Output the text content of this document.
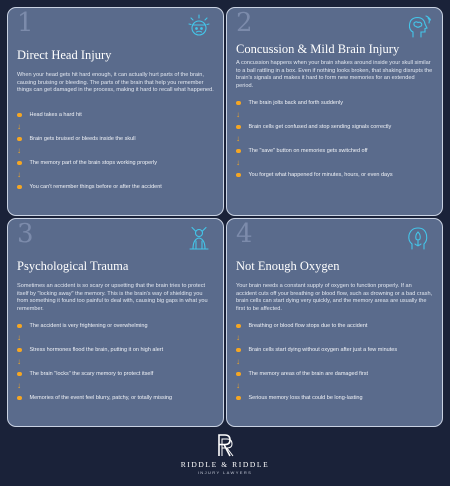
1
Direct Head Injury
When your head gets hit hard enough, it can actually hurt parts of the brain, causing bruising or bleeding. The parts of the brain that help you remember things can get damaged in the process, making it hard to recall what happened.
Head takes a hard hit
↓
Brain gets bruised or bleeds inside the skull
↓
The memory part of the brain stops working properly
↓
You can't remember things before or after the accident
2
Concussion & Mild Brain Injury
A concussion happens when your brain shakes around inside your skull similar to a ball rattling in a box. Even if nothing looks broken, that shaking disrupts the brain's signals and makes it hard to form new memories for an extended period.
The brain jolts back and forth suddenly
↓
Brain cells get confused and stop sending signals correctly
↓
The "save" button on memories gets switched off
↓
You forget what happened for minutes, hours, or even days
3
Psychological Trauma
Sometimes an accident is so scary or upsetting that the brain tries to protect itself by "locking away" the memory. This is the brain's way of shielding you from something it found too painful to deal with, causing big gaps in what you remember.
The accident is very frightening or overwhelming
↓
Stress hormones flood the brain, putting it on high alert
↓
The brain "locks" the scary memory to protect itself
↓
Memories of the event feel blurry, patchy, or totally missing
4
Not Enough Oxygen
Your brain needs a constant supply of oxygen to function properly. If an accident cuts off your breathing or blood flow, such as drowning or a bad crash, brain cells can start dying very quickly, and the memory areas are usually the first to be affected.
Breathing or blood flow stops due to the accident
↓
Brain cells start dying without oxygen after just a few minutes
↓
The memory areas of the brain are damaged first
↓
Serious memory loss that could be long-lasting
RIDDLE & RIDDLE
INJURY LAWYERS
